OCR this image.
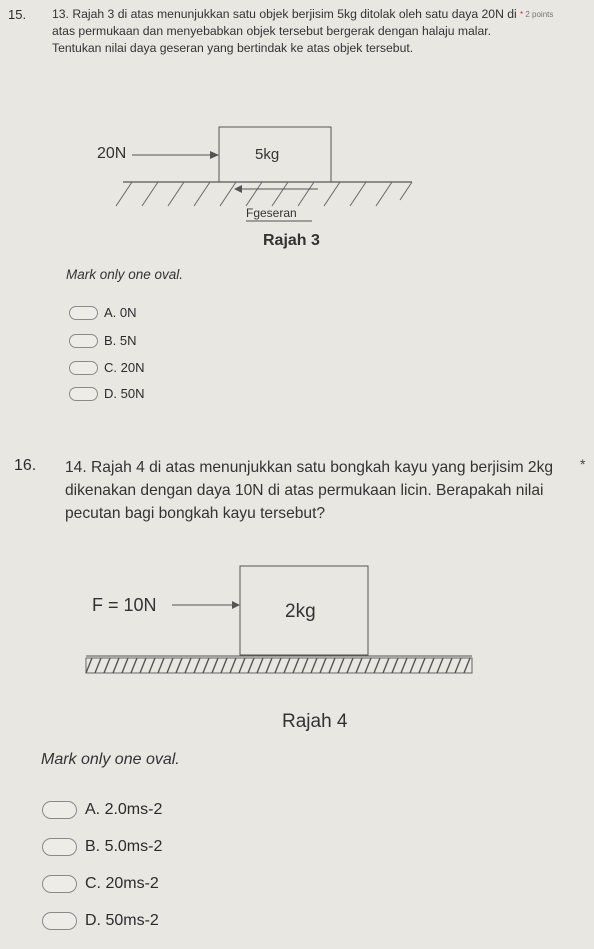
15. 13. Rajah 3 di atas menunjukkan satu objek berjisim 5kg ditolak oleh satu daya 20N di atas permukaan dan menyebabkan objek tersebut bergerak dengan halaju malar. Tentukan nilai daya geseran yang bertindak ke atas objek tersebut.
* 2 points
5kg
20N
Fgeseran
Rajah 3
Mark only one oval.
A. 0N
B. 5N
C. 20N
D. 50N
16. 14. Rajah 4 di atas menunjukkan satu bongkah kayu yang berjisim 2kg dikenakan dengan daya 10N di atas permukaan licin. Berapakah nilai pecutan bagi bongkah kayu tersebut?
*
2kg
F = 10N
Rajah 4
Mark only one oval.
A. 2.0ms-2
B. 5.0ms-2
C. 20ms-2
D. 50ms-2
